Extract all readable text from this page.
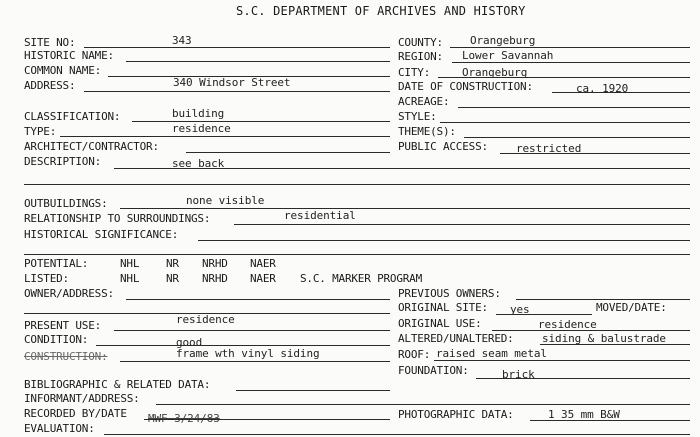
S.C. DEPARTMENT OF ARCHIVES AND HISTORY
SITE NO:	343
HISTORIC NAME:
COMMON NAME:
ADDRESS:	340 Windsor Street
CLASSIFICATION:	building
TYPE:	residence
ARCHITECT/CONTRACTOR:
DESCRIPTION:	see back
OUTBUILDINGS:	none visible
RELATIONSHIP TO SURROUNDINGS:	residential
HISTORICAL SIGNIFICANCE:
POTENTIAL:	NHL NR NRHD NAER
LISTED:	NHL NR NRHD NAER S.C. MARKER PROGRAM
OWNER/ADDRESS:
PRESENT USE:	residence
CONDITION:	good
CONSTRUCTION:	frame wth vinyl siding
BIBLIOGRAPHIC & RELATED DATA:
INFORMANT/ADDRESS:
RECORDED BY/DATE MWF 3/24/83
EVALUATION:
COUNTY: Orangeburg
REGION: Lower Savannah
CITY:	Orangeburg
DATE OF CONSTRUCTION:	ca. 1920
ACREAGE:
STYLE:
THEME(S):
PUBLIC ACCESS:	restricted
PREVIOUS OWNERS:
ORIGINAL SITE: yes	MOVED/DATE:
ORIGINAL USE:	residence
ALTERED/UNALTERED:	siding & balustrade
ROOF: raised seam metal
FOUNDATION:	brick
PHOTOGRAPHIC DATA:	1 35 mm B&W
